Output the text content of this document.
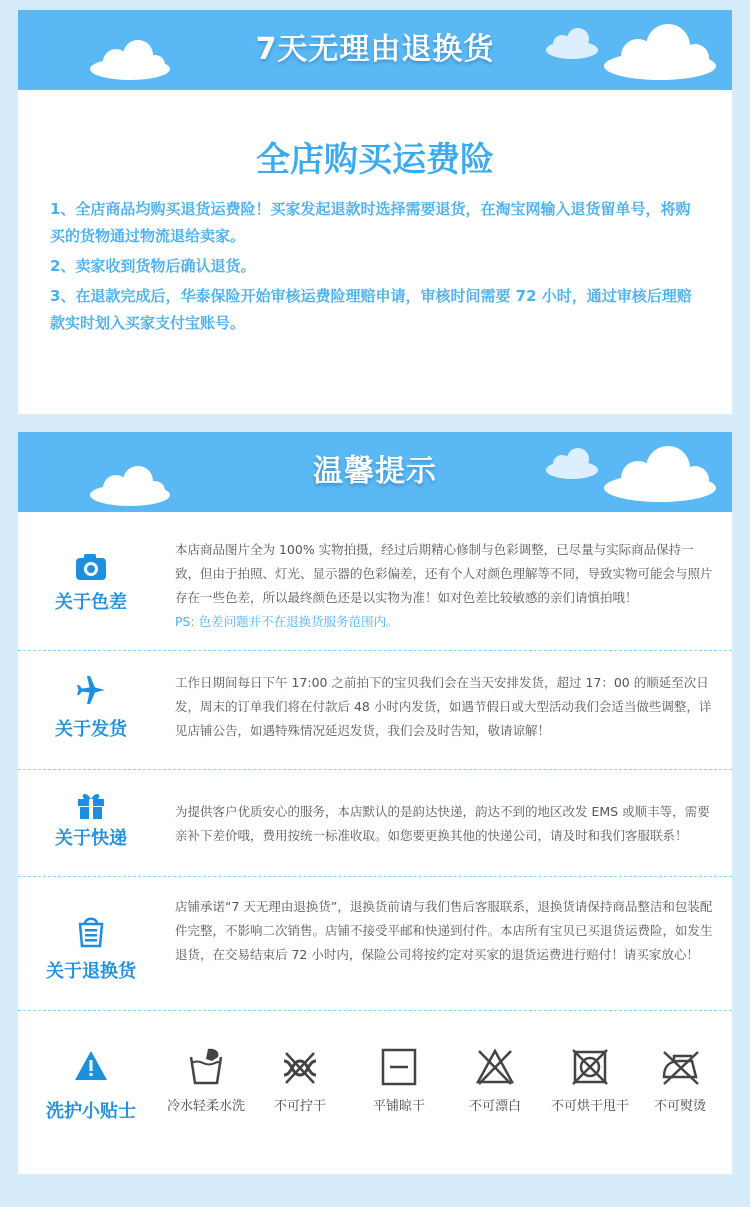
7天无理由退换货
全店购买运费险

1、全店商品均购买退货运费险！买家发起退款时选择需要退货，在淘宝网输入退货留单号，将购买的货物通过物流退给卖家。

2、卖家收到货物后确认退货。

3、在退款完成后，华泰保险开始审核运费险理赔申请，审核时间需要 72 小时，通过审核后理赔款实时划入买家支付宝账号。

温馨提示
关于色差
本店商品图片全为 100% 实物拍摄，经过后期精心修制与色彩调整，已尽量与实际商品保持一致，但由于拍照、灯光、显示器的色彩偏差，还有个人对颜色理解等不同，导致实物可能会与照片存在一些色差，所以最终颜色还是以实物为准！如对色差比较敏感的亲们请慎拍哦！
PS: 色差问题并不在退换货服务范围内。
关于发货
工作日期间每日下午 17:00 之前拍下的宝贝我们会在当天安排发货，超过 17：00 的顺延至次日发，周末的订单我们将在付款后 48 小时内发货，如遇节假日或大型活动我们会适当做些调整，详见店铺公告，如遇特殊情况延迟发货，我们会及时告知，敬请谅解！
关于快递
为提供客户优质安心的服务，本店默认的是韵达快递，韵达不到的地区改发 EMS 或顺丰等，需要亲补下差价哦，费用按统一标准收取。如您要更换其他的快递公司，请及时和我们客服联系！
关于退换货
店铺承诺“7 天无理由退换货”，退换货前请与我们售后客服联系，退换货请保持商品整洁和包装配件完整，不影响二次销售。店铺不接受平邮和快递到付件。本店所有宝贝已买退货运费险，如发生退货，在交易结束后 72 小时内，保险公司将按约定对买家的退货运费进行赔付！请买家放心！
洗护小贴士	冷水轻柔水洗	不可拧干	平铺晾干	不可漂白	不可烘干甩干	不可熨烫
